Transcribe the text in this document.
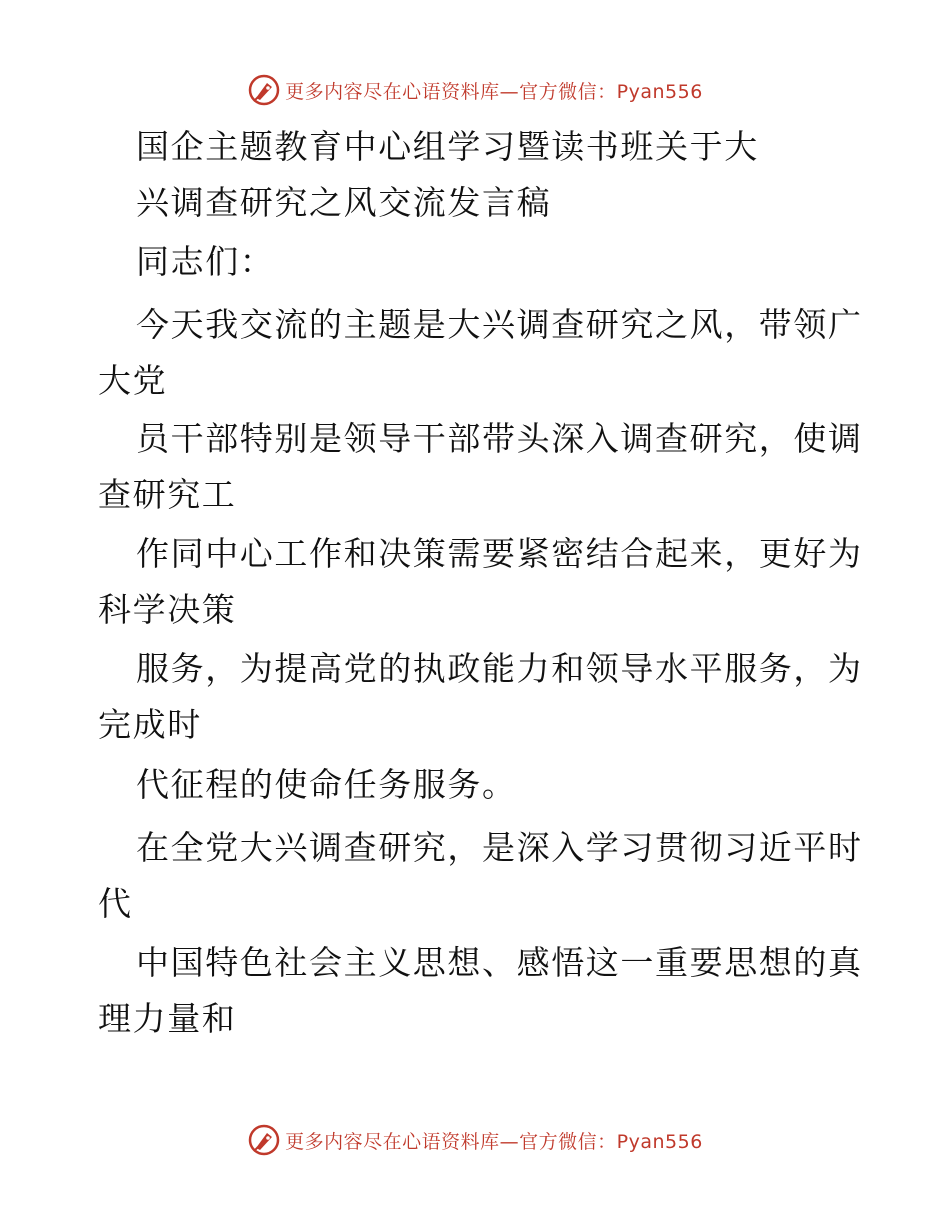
更多内容尽在心语资料库—官方微信：Pyan556
国企主题教育中心组学习暨读书班关于大
兴调查研究之风交流发言稿
同志们：
今天我交流的主题是大兴调查研究之风，带领广
大党
员干部特别是领导干部带头深入调查研究，使调
查研究工
作同中心工作和决策需要紧密结合起来，更好为
科学决策
服务，为提高党的执政能力和领导水平服务，为
完成时
代征程的使命任务服务。
在全党大兴调查研究，是深入学习贯彻习近平时
代
中国特色社会主义思想、感悟这一重要思想的真
理力量和
更多内容尽在心语资料库—官方微信：Pyan556
